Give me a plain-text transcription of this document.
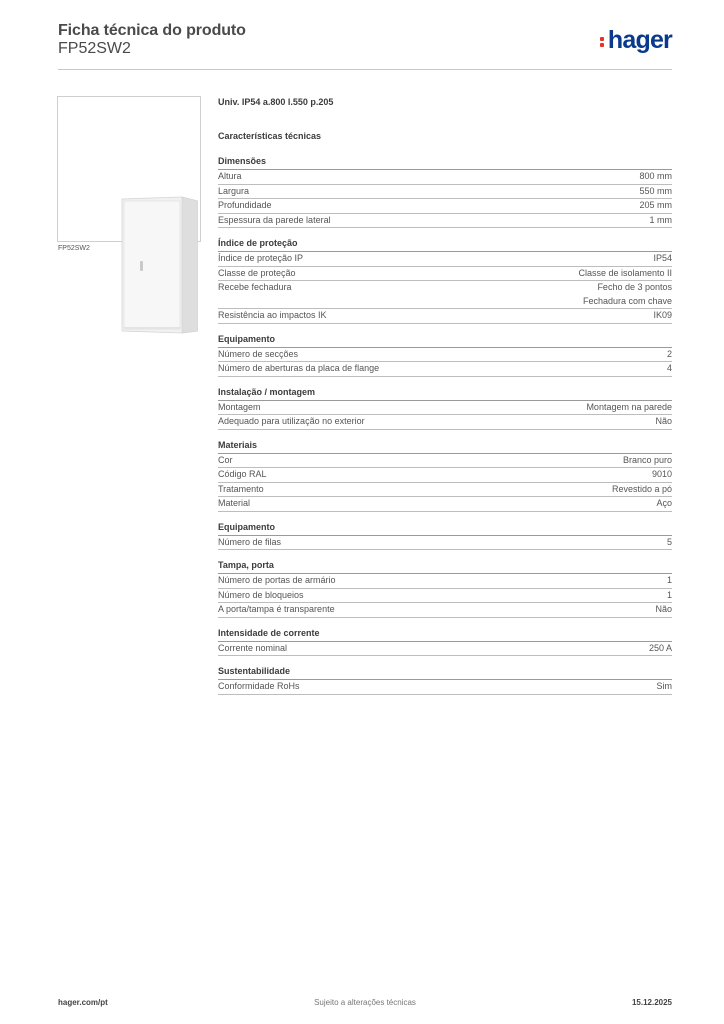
Ficha técnica do produto
FP52SW2	hager
FP52SW2
Univ. IP54 a.800 l.550 p.205
Características técnicas
Dimensões
Altura	800 mm
Largura	550 mm
Profundidade	205 mm
Espessura da parede lateral	1 mm
Índice de proteção
Índice de proteção IP	IP54
Classe de proteção	Classe de isolamento II
Recebe fechadura	Fecho de 3 pontos
Fechadura com chave
Resistência ao impactos IK	IK09
Equipamento
Número de secções	2
Número de aberturas da placa de flange	4
Instalação / montagem
Montagem	Montagem na parede
Adequado para utilização no exterior	Não
Materiais
Cor	Branco puro
Código RAL	9010
Tratamento	Revestido a pó
Material	Aço
Equipamento
Número de filas	5
Tampa, porta
Número de portas de armário	1
Número de bloqueios	1
A porta/tampa é transparente	Não
Intensidade de corrente
Corrente nominal	250 A
Sustentabilidade
Conformidade RoHs	Sim
hager.com/pt	Sujeito a alterações técnicas	15.12.2025
